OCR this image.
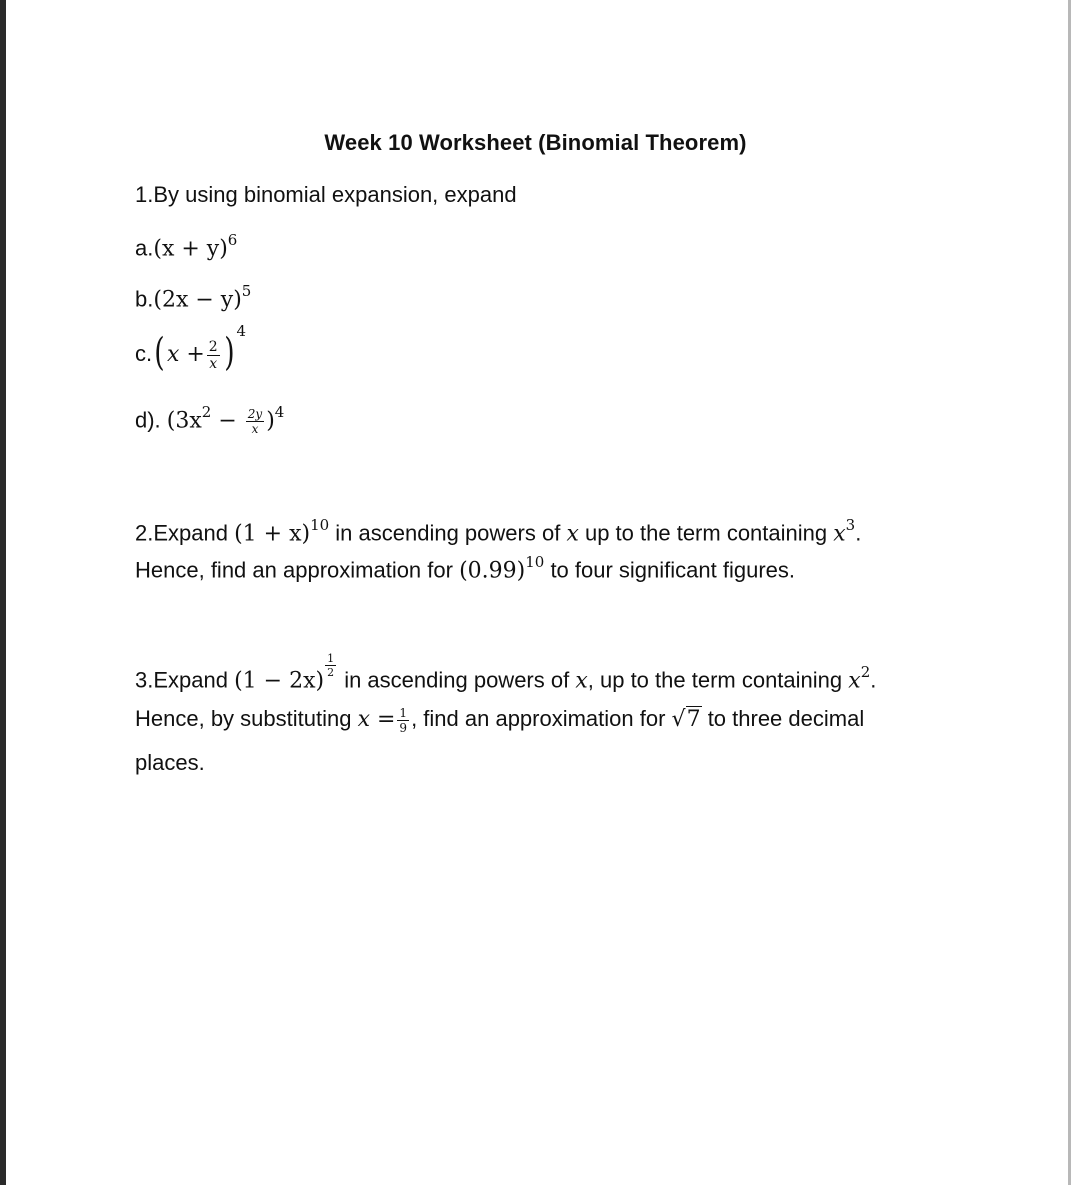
Week 10 Worksheet (Binomial Theorem)
1.By using binomial expansion, expand
$a.(x + y)^6$
$b.(2x - y)^5$
c.( $x + \frac{2}{x}$ ) $^4$
d). $(3x^2 - \frac{2y}{x} )^4$
2.Expand $(1 + x)^{10}$ in ascending powers of x up to the term containing $x^3$.
Hence, find an approximation for $(0.99)^{10}$ to four significant figures.
3.Expand (1 − 2x)
$\frac{1}{2}$
in ascending powers of x, up to the term containing $x^2$.
Hence, by substituting $x = \frac{1}{9}$ , find an approximation for √7 to three decimal
places.
